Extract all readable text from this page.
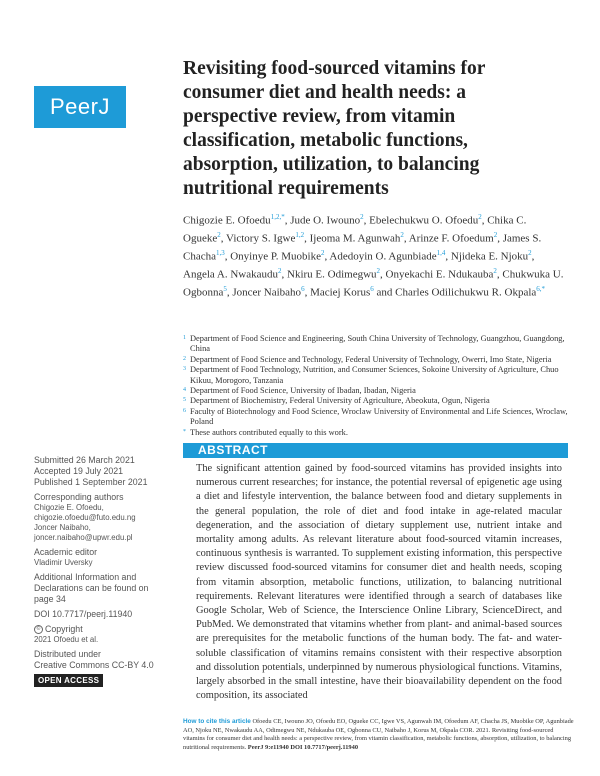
PeerJ
Revisiting food-sourced vitamins for consumer diet and health needs: a perspective review, from vitamin classification, metabolic functions, absorption, utilization, to balancing nutritional requirements
Chigozie E. Ofoedu$^{1,2,*}$, Jude O. Iwouno$^2$, Ebelechukwu O. Ofoedu$^2$, Chika C. Ogueke$^2$, Victory S. Igwe$^{1,2}$, Ijeoma M. Agunwah$^2$, Arinze F. Ofoedum$^2$, James S. Chacha$^{1,3}$, Onyinye P. Muobike$^2$, Adedoyin O. Agunbiade$^{1,4}$, Njideka E. Njoku$^2$, Angela A. Nwakaudu$^2$, Nkiru E. Odimegwu$^2$, Onyekachi E. Ndukauba$^2$, Chukwuka U. Ogbonna$^5$, Joncer Naibaho$^6$, Maciej Korus$^6$ and Charles Odilichukwu R. Okpala$^{6,*}$
1 Department of Food Science and Engineering, South China University of Technology, Guangzhou, Guangdong, China
2 Department of Food Science and Technology, Federal University of Technology, Owerri, Imo State, Nigeria
3 Department of Food Technology, Nutrition, and Consumer Sciences, Sokoine University of Agriculture, Chuo Kikuu, Morogoro, Tanzania
4 Department of Food Science, University of Ibadan, Ibadan, Nigeria
5 Department of Biochemistry, Federal University of Agriculture, Abeokuta, Ogun, Nigeria
6 Faculty of Biotechnology and Food Science, Wroclaw University of Environmental and Life Sciences, Wroclaw, Poland
* These authors contributed equally to this work.
ABSTRACT

The significant attention gained by food-sourced vitamins has provided insights into numerous current researches; for instance, the potential reversal of epigenetic age using a diet and lifestyle intervention, the balance between food and dietary supplements in the general population, the role of diet and food intake in age-related macular degeneration, and the association of dietary supplement use, nutrient intake and mortality among adults. As relevant literature about food-sourced vitamin increases, continuous synthesis is warranted. To supplement existing information, this perspective review discussed food-sourced vitamins for consumer diet and health needs, scoping from vitamin absorption, metabolic functions, utilization, to balancing nutritional requirements. Relevant literatures were identified through a search of databases like Google Scholar, Web of Science, the Interscience Online Library, ScienceDirect, and PubMed. We demonstrated that vitamins whether from plant- and animal-based sources are prerequisites for the metabolic functions of the human body. The fat- and water-soluble classification of vitamins remains consistent with their respective absorption and dissolution potentials, underpinned by numerous physiological functions. Vitamins, largely absorbed in the small intestine, have their bioavailability dependent on the food composition, its associated

Submitted 26 March 2021
Accepted 19 July 2021
Published 1 September 2021
Corresponding authors
Chigozie E. Ofoedu,
chigozie.ofoedu@futo.edu.ng
Joncer Naibaho,
joncer.naibaho@upwr.edu.pl
Academic editor
Vladimir Uversky
Additional Information and
Declarations can be found on
page 34
DOI 10.7717/peerj.11940
© Copyright
2021 Ofoedu et al.
Distributed under
Creative Commons CC-BY 4.0
OPEN ACCESS
How to cite this article Ofoedu CE, Iwouno JO, Ofoedu EO, Ogueke CC, Igwe VS, Agunwah IM, Ofoedum AF, Chacha JS, Muobike OP, Agunbiade AO, Njoku NE, Nwakaudu AA, Odimegwu NE, Ndukauba OE, Ogbonna CU, Naibaho J, Korus M, Okpala COR. 2021. Revisiting food-sourced vitamins for consumer diet and health needs: a perspective review, from vitamin classification, metabolic functions, absorption, utilization, to balancing nutritional requirements. PeerJ 9:e11940 DOI 10.7717/peerj.11940
